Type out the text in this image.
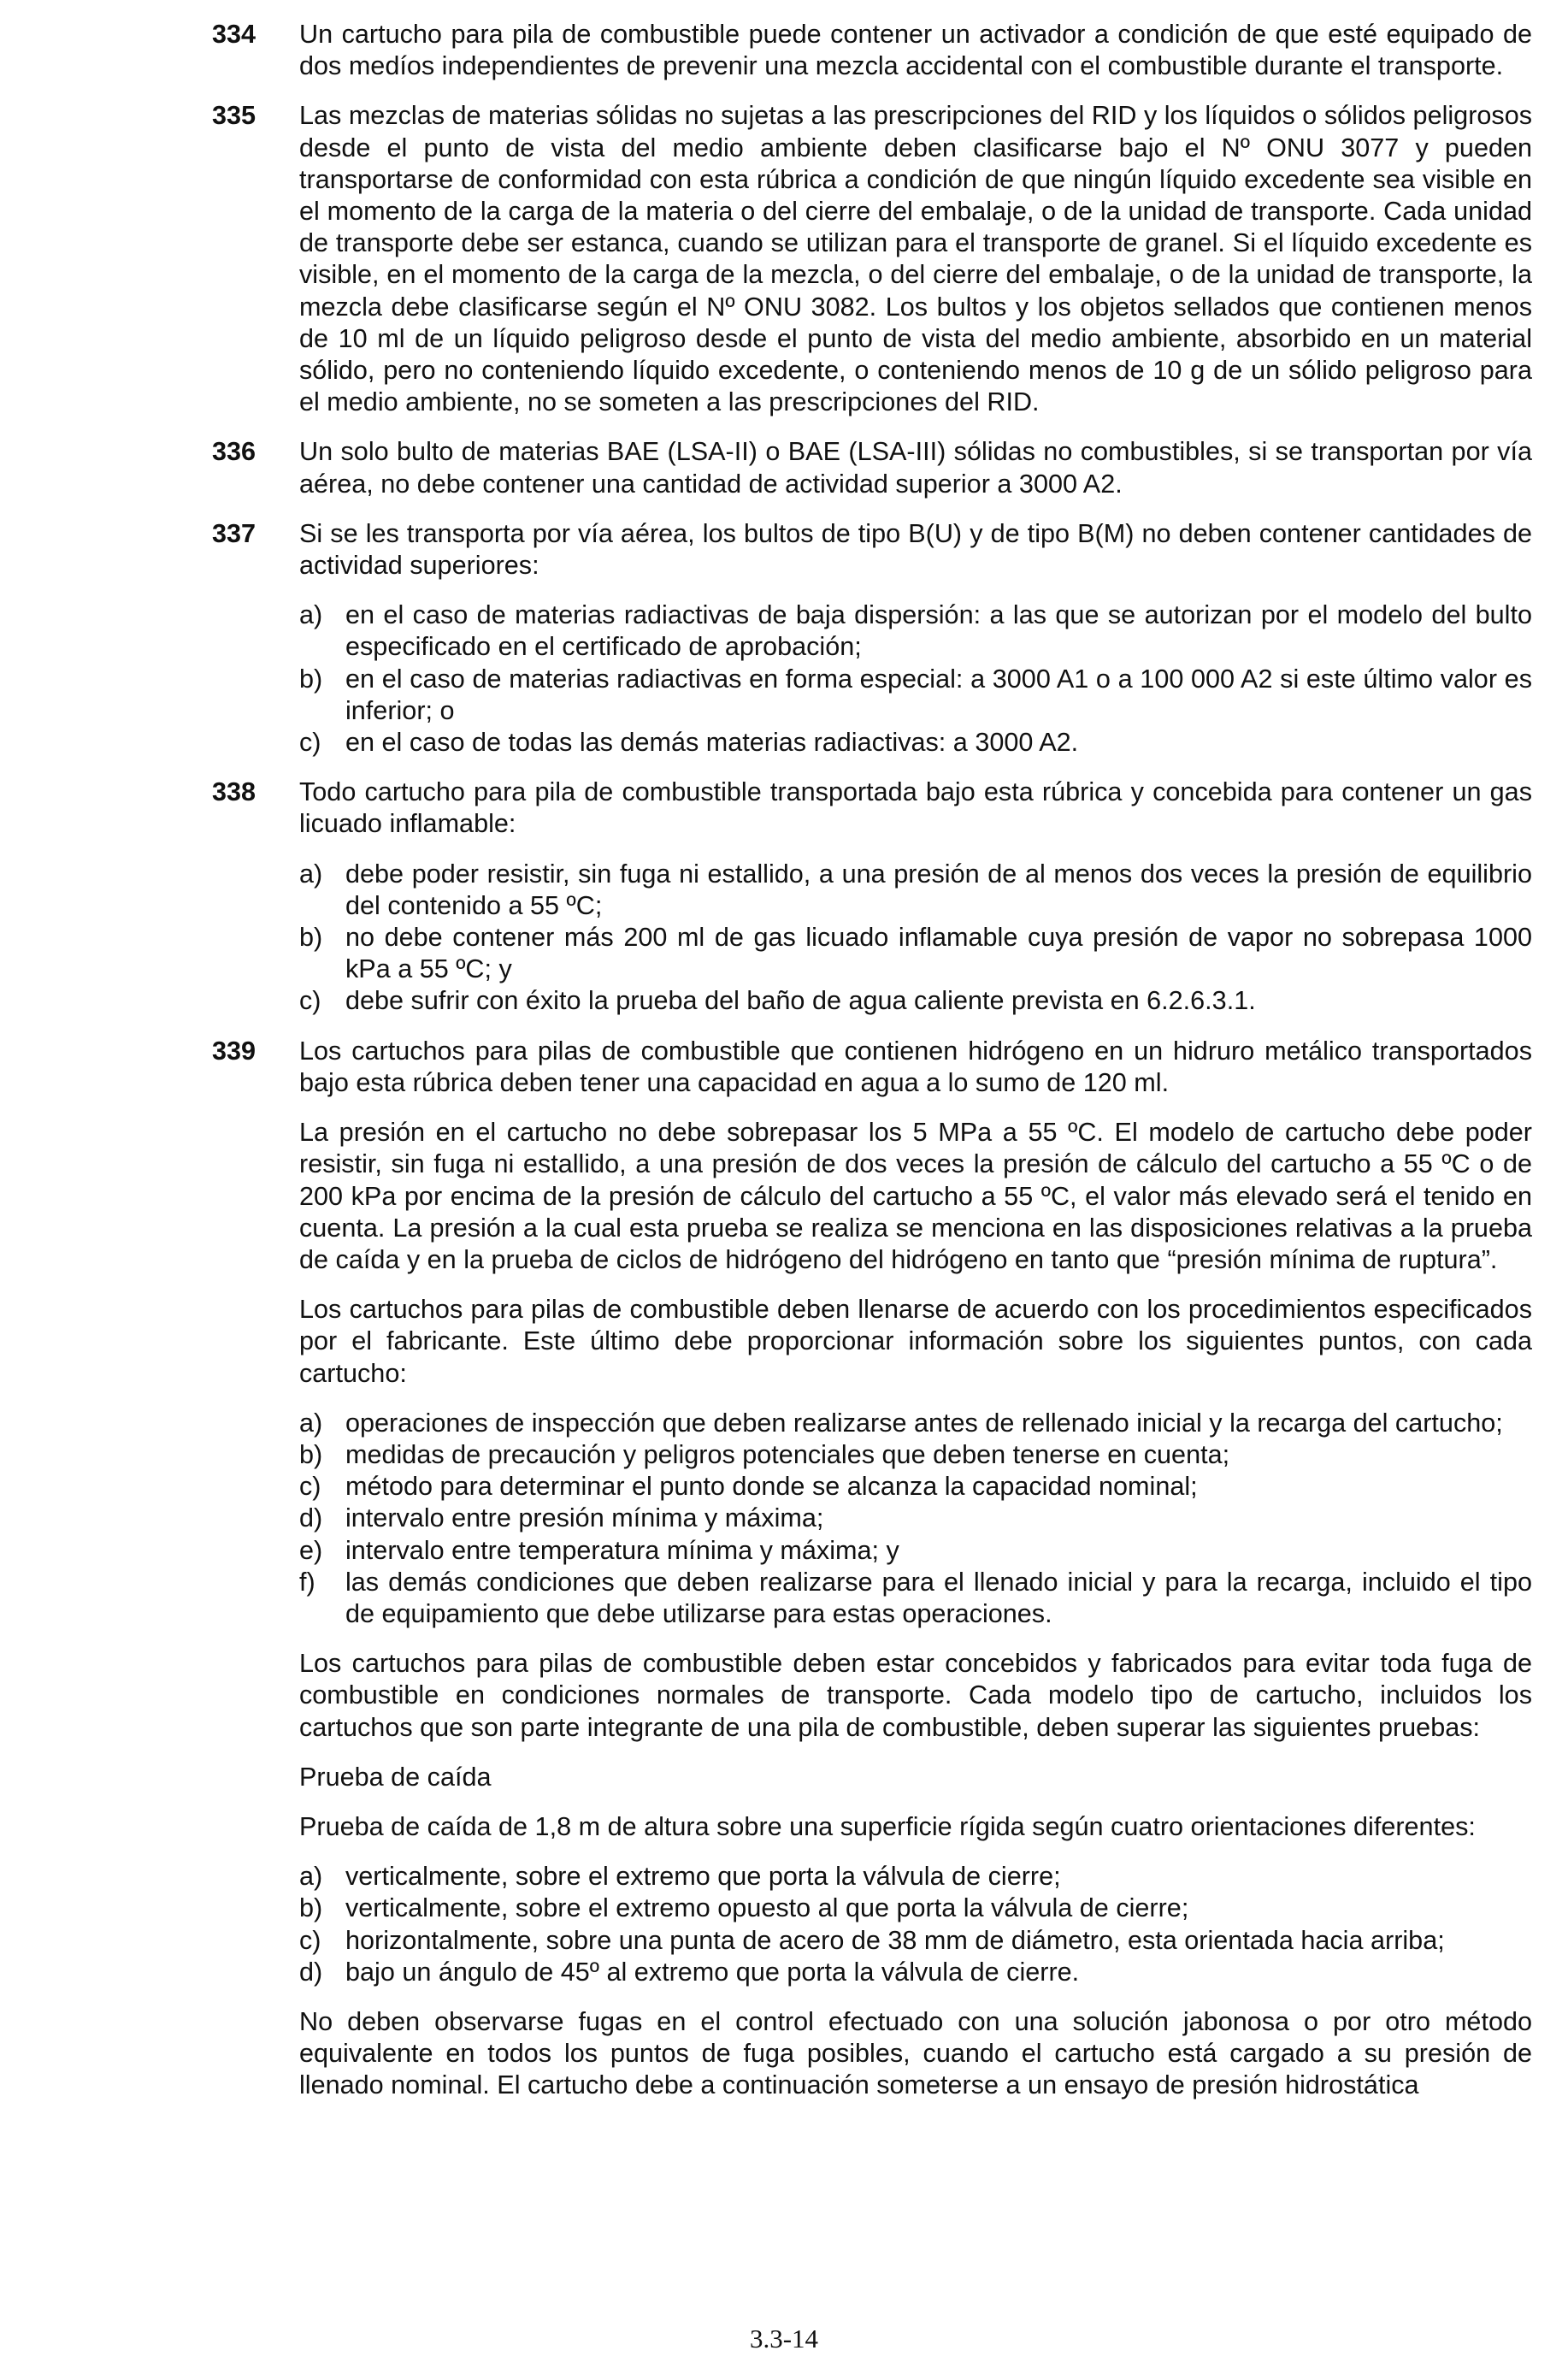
334	Un cartucho para pila de combustible puede contener un activador a condición de que esté equipado de dos medíos independientes de prevenir una mezcla accidental con el combustible durante el transporte.

335	Las mezclas de materias sólidas no sujetas a las prescripciones del RID y los líquidos o sólidos peligrosos desde el punto de vista del medio ambiente deben clasificarse bajo el Nº ONU 3077 y pueden transportarse de conformidad con esta rúbrica a condición de que ningún líquido excedente sea visible en el momento de la carga de la materia o del cierre del embalaje, o de la unidad de transporte. Cada unidad de transporte debe ser estanca, cuando se utilizan para el transporte de granel. Si el líquido excedente es visible, en el momento de la carga de la mezcla, o del cierre del embalaje, o de la unidad de transporte, la mezcla debe clasificarse según el Nº ONU 3082. Los bultos y los objetos sellados que contienen menos de 10 ml de un líquido peligroso desde el punto de vista del medio ambiente, absorbido en un material sólido, pero no conteniendo líquido excedente, o conteniendo menos de 10 g de un sólido peligroso para el medio ambiente, no se someten a las prescripciones del RID.

336	Un solo bulto de materias BAE (LSA-II) o BAE (LSA-III) sólidas no combustibles, si se transportan por vía aérea, no debe contener una cantidad de actividad superior a 3000 A2.

337	Si se les transporta por vía aérea, los bultos de tipo B(U) y de tipo B(M) no deben contener cantidades de actividad superiores:

a) en el caso de materias radiactivas de baja dispersión: a las que se autorizan por el modelo del bulto especificado en el certificado de aprobación;
b) en el caso de materias radiactivas en forma especial: a 3000 A1 o a 100 000 A2 si este último valor es inferior; o
c) en el caso de todas las demás materias radiactivas: a 3000 A2.
338	Todo cartucho para pila de combustible transportada bajo esta rúbrica y concebida para contener un gas licuado inflamable:

a) debe poder resistir, sin fuga ni estallido, a una presión de al menos dos veces la presión de equilibrio del contenido a 55 ºC;
b) no debe contener más 200 ml de gas licuado inflamable cuya presión de vapor no sobrepasa 1000 kPa a 55 ºC; y
c) debe sufrir con éxito la prueba del baño de agua caliente prevista en 6.2.6.3.1.
339	Los cartuchos para pilas de combustible que contienen hidrógeno en un hidruro metálico transportados bajo esta rúbrica deben tener una capacidad en agua a lo sumo de 120 ml.

La presión en el cartucho no debe sobrepasar los 5 MPa a 55 ºC. El modelo de cartucho debe poder resistir, sin fuga ni estallido, a una presión de dos veces la presión de cálculo del cartucho a 55 ºC o de 200 kPa por encima de la presión de cálculo del cartucho a 55 ºC, el valor más elevado será el tenido en cuenta. La presión a la cual esta prueba se realiza se menciona en las disposiciones relativas a la prueba de caída y en la prueba de ciclos de hidrógeno del hidrógeno en tanto que “presión mínima de ruptura”.

Los cartuchos para pilas de combustible deben llenarse de acuerdo con los procedimientos especificados por el fabricante. Este último debe proporcionar información sobre los siguientes puntos, con cada cartucho:

a) operaciones de inspección que deben realizarse antes de rellenado inicial y la recarga del cartucho;
b) medidas de precaución y peligros potenciales que deben tenerse en cuenta;
c) método para determinar el punto donde se alcanza la capacidad nominal;
d) intervalo entre presión mínima y máxima;
e) intervalo entre temperatura mínima y máxima; y
f)	las demás condiciones que deben realizarse para el llenado inicial y para la recarga, incluido el tipo de equipamiento que debe utilizarse para estas operaciones.

Los cartuchos para pilas de combustible deben estar concebidos y fabricados para evitar toda fuga de combustible en condiciones normales de transporte. Cada modelo tipo de cartucho, incluidos los cartuchos que son parte integrante de una pila de combustible, deben superar las siguientes pruebas:

Prueba de caída

Prueba de caída de 1,8 m de altura sobre una superficie rígida según cuatro orientaciones diferentes:

a) verticalmente, sobre el extremo que porta la válvula de cierre;
b) verticalmente, sobre el extremo opuesto al que porta la válvula de cierre;
c) horizontalmente, sobre una punta de acero de 38 mm de diámetro, esta orientada hacia arriba;
d) bajo un ángulo de 45º al extremo que porta la válvula de cierre.

No deben observarse fugas en el control efectuado con una solución jabonosa o por otro método equivalente en todos los puntos de fuga posibles, cuando el cartucho está cargado a su presión de llenado nominal. El cartucho debe a continuación someterse a un ensayo de presión hidrostática

3.3-14
